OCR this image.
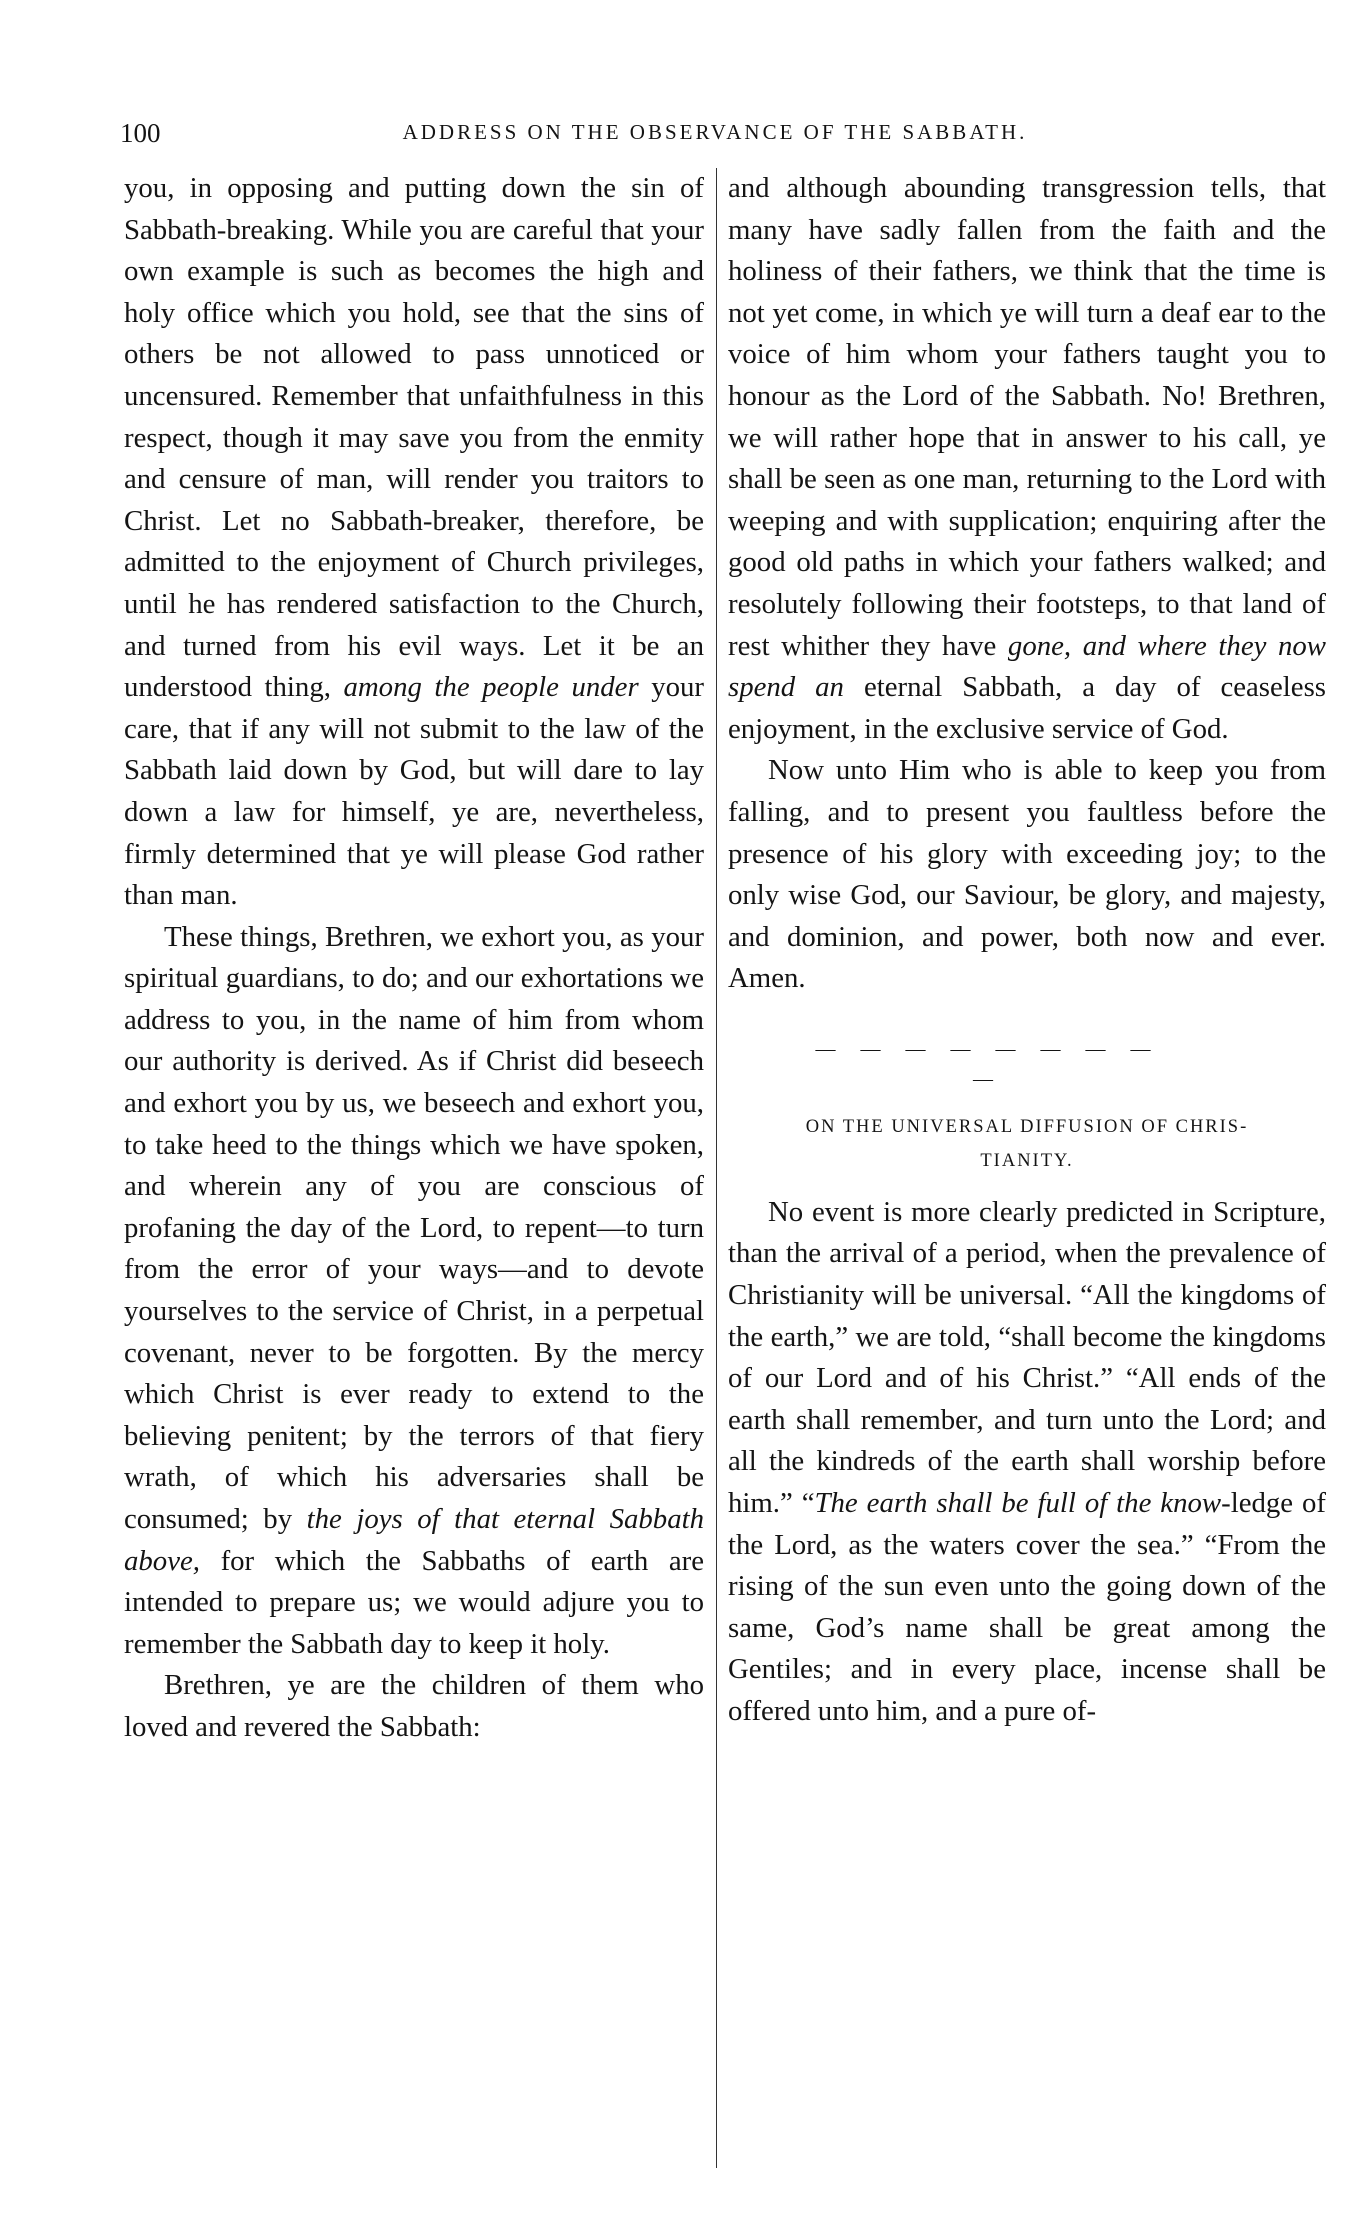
100	ADDRESS ON THE OBSERVANCE OF THE SABBATH.

you, in opposing and putting down the sin of Sabbath-breaking. While you are careful that your own example is such as becomes the high and holy office which you hold, see that the sins of others be not allowed to pass unnoticed or uncensured. Remember that unfaithfulness in this respect, though it may save you from the enmity and censure of man, will render you traitors to Christ. Let no Sabbath-breaker, therefore, be admitted to the enjoyment of Church privileges, until he has rendered satisfaction to the Church, and turned from his evil ways. Let it be an understood thing, among the people under your care, that if any will not submit to the law of the Sabbath laid down by God, but will dare to lay down a law for himself, ye are, nevertheless, firmly determined that ye will please God rather than man.

These things, Brethren, we exhort you, as your spiritual guardians, to do; and our exhortations we address to you, in the name of him from whom our authority is derived. As if Christ did beseech and exhort you by us, we beseech and exhort you, to take heed to the things which we have spoken, and wherein any of you are conscious of profaning the day of the Lord, to repent—to turn from the error of your ways—and to devote yourselves to the service of Christ, in a perpetual covenant, never to be forgotten. By the mercy which Christ is ever ready to extend to the believing penitent; by the terrors of that fiery wrath, of which his adversaries shall be consumed; by the joys of that eternal Sabbath above, for which the Sabbaths of earth are intended to prepare us; we would adjure you to remember the Sabbath day to keep it holy.

Brethren, ye are the children of them who loved and revered the Sabbath:

and although abounding transgression tells, that many have sadly fallen from the faith and the holiness of their fathers, we think that the time is not yet come, in which ye will turn a deaf ear to the voice of him whom your fathers taught you to honour as the Lord of the Sabbath. No! Brethren, we will rather hope that in answer to his call, ye shall be seen as one man, returning to the Lord with weeping and with supplication; enquiring after the good old paths in which your fathers walked; and resolutely following their footsteps, to that land of rest whither they have gone, and where they now spend an eternal Sabbath, a day of ceaseless enjoyment, in the exclusive service of God.

Now unto Him who is able to keep you from falling, and to present you faultless before the presence of his glory with exceeding joy; to the only wise God, our Saviour, be glory, and majesty, and dominion, and power, both now and ever. Amen.

— — — — — — — — —
ON THE UNIVERSAL DIFFUSION OF CHRIS-
TIANITY.

No event is more clearly predicted in Scripture, than the arrival of a period, when the prevalence of Christianity will be universal. “All the kingdoms of the earth,” we are told, “shall become the kingdoms of our Lord and of his Christ.” “All ends of the earth shall remember, and turn unto the Lord; and all the kindreds of the earth shall worship before him.” “The earth shall be full of the know-ledge of the Lord, as the waters cover the sea.” “From the rising of the sun even unto the going down of the same, God’s name shall be great among the Gentiles; and in every place, incense shall be offered unto him, and a pure of-
